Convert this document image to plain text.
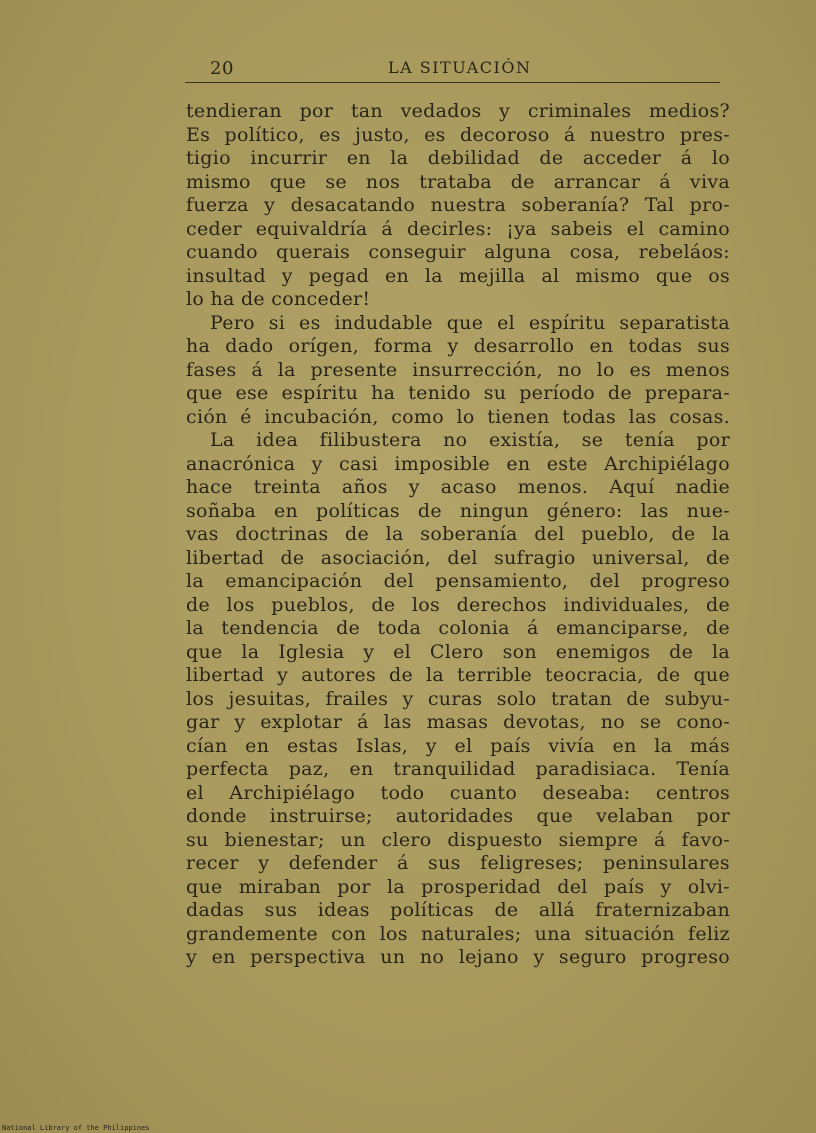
20	LA SITUACIÓN
tendieran por tan vedados y criminales medios?
Es político, es justo, es decoroso á nuestro pres-
tigio incurrir en la debilidad de acceder á lo
mismo que se nos trataba de arrancar á viva
fuerza y desacatando nuestra soberanía? Tal pro-
ceder equivaldría á decirles: ¡ya sabeis el camino
cuando querais conseguir alguna cosa, rebeláos:
insultad y pegad en la mejilla al mismo que os
lo ha de conceder!
Pero si es indudable que el espíritu separatista
ha dado orígen, forma y desarrollo en todas sus
fases á la presente insurrección, no lo es menos
que ese espíritu ha tenido su período de prepara-
ción é incubación, como lo tienen todas las cosas.
La idea filibustera no existía, se tenía por
anacrónica y casi imposible en este Archipiélago
hace treinta años y acaso menos. Aquí nadie
soñaba en políticas de ningun género: las nue-
vas doctrinas de la soberanía del pueblo, de la
libertad de asociación, del sufragio universal, de
la emancipación del pensamiento, del progreso
de los pueblos, de los derechos individuales, de
la tendencia de toda colonia á emanciparse, de
que la Iglesia y el Clero son enemigos de la
libertad y autores de la terrible teocracia, de que
los jesuitas, frailes y curas solo tratan de subyu-
gar y explotar á las masas devotas, no se cono-
cían en estas Islas, y el país vivía en la más
perfecta paz, en tranquilidad paradisiaca. Tenía
el Archipiélago todo cuanto deseaba: centros
donde instruirse; autoridades que velaban por
su bienestar; un clero dispuesto siempre á favo-
recer y defender á sus feligreses; peninsulares
que miraban por la prosperidad del país y olvi-
dadas sus ideas políticas de allá fraternizaban
grandemente con los naturales; una situación feliz
y en perspectiva un no lejano y seguro progreso
National Library of the Philippines
